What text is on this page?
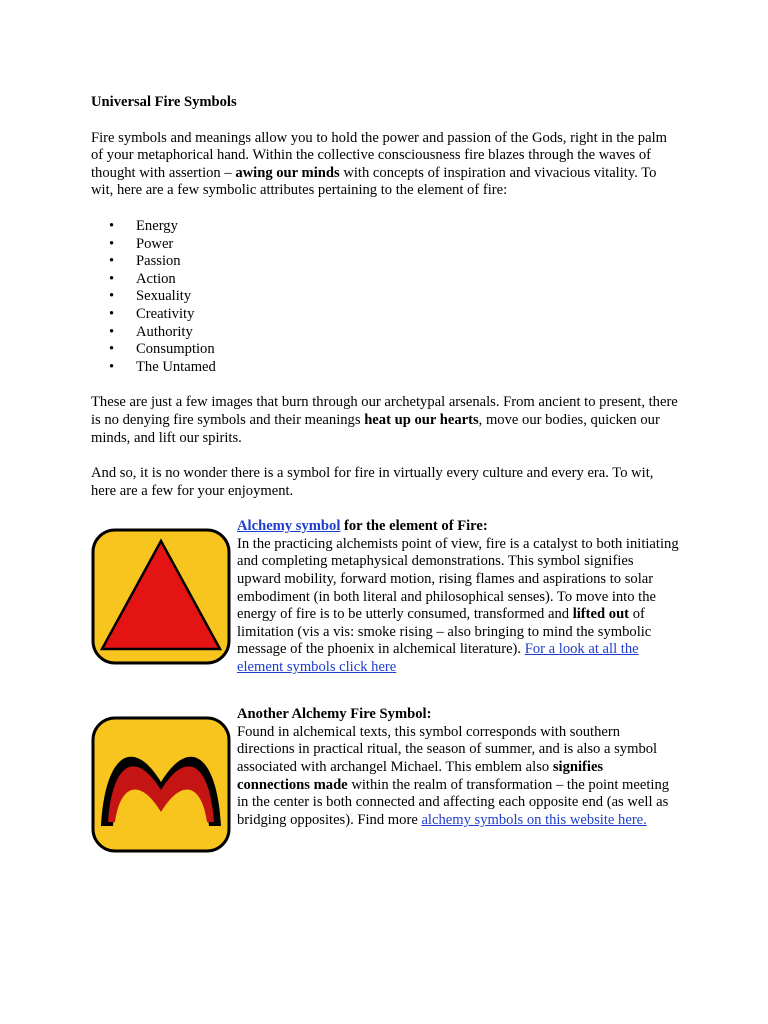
Universal Fire Symbols

Fire symbols and meanings allow you to hold the power and passion of the Gods, right in the palm of your metaphorical hand. Within the collective consciousness fire blazes through the waves of thought with assertion – awing our minds with concepts of inspiration and vivacious vitality. To wit, here are a few symbolic attributes pertaining to the element of fire:

• Energy
• Power
• Passion
• Action
• Sexuality
• Creativity
• Authority
• Consumption
• The Untamed

These are just a few images that burn through our archetypal arsenals. From ancient to present, there is no denying fire symbols and their meanings heat up our hearts, move our bodies, quicken our minds, and lift our spirits.

And so, it is no wonder there is a symbol for fire in virtually every culture and every era. To wit, here are a few for your enjoyment.

Alchemy symbol for the element of Fire:

In the practicing alchemists point of view, fire is a catalyst to both initiating and completing metaphysical demonstrations. This symbol signifies upward mobility, forward motion, rising flames and aspirations to solar embodiment (in both literal and philosophical senses). To move into the energy of fire is to be utterly consumed, transformed and lifted out of limitation (vis a vis: smoke rising – also bringing to mind the symbolic message of the phoenix in alchemical literature). For a look at all the element symbols click here

Another Alchemy Fire Symbol:

Found in alchemical texts, this symbol corresponds with southern directions in practical ritual, the season of summer, and is also a symbol associated with archangel Michael. This emblem also signifies connections made within the realm of transformation – the point meeting in the center is both connected and affecting each opposite end (as well as bridging opposites). Find more alchemy symbols on this website here.
